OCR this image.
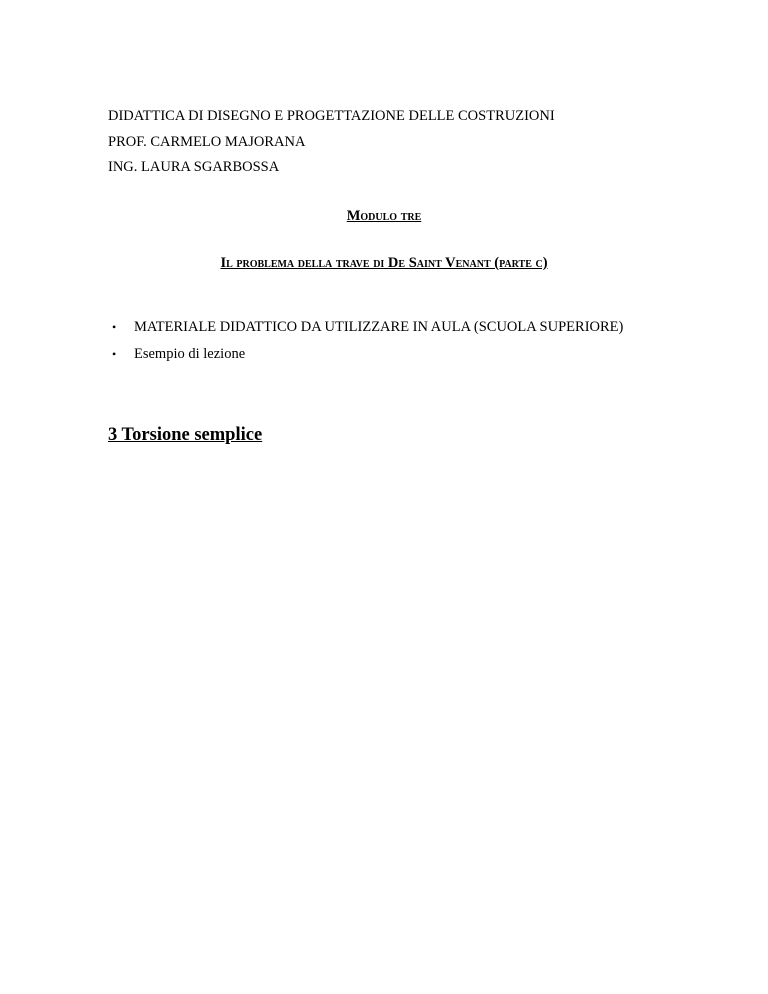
DIDATTICA DI DISEGNO E PROGETTAZIONE DELLE COSTRUZIONI
PROF. CARMELO MAJORANA
ING. LAURA SGARBOSSA
Modulo tre
Il problema della trave di De Saint Venant (parte c)
•	MATERIALE DIDATTICO DA UTILIZZARE IN AULA (SCUOLA SUPERIORE)
•	Esempio di lezione
3 Torsione semplice
